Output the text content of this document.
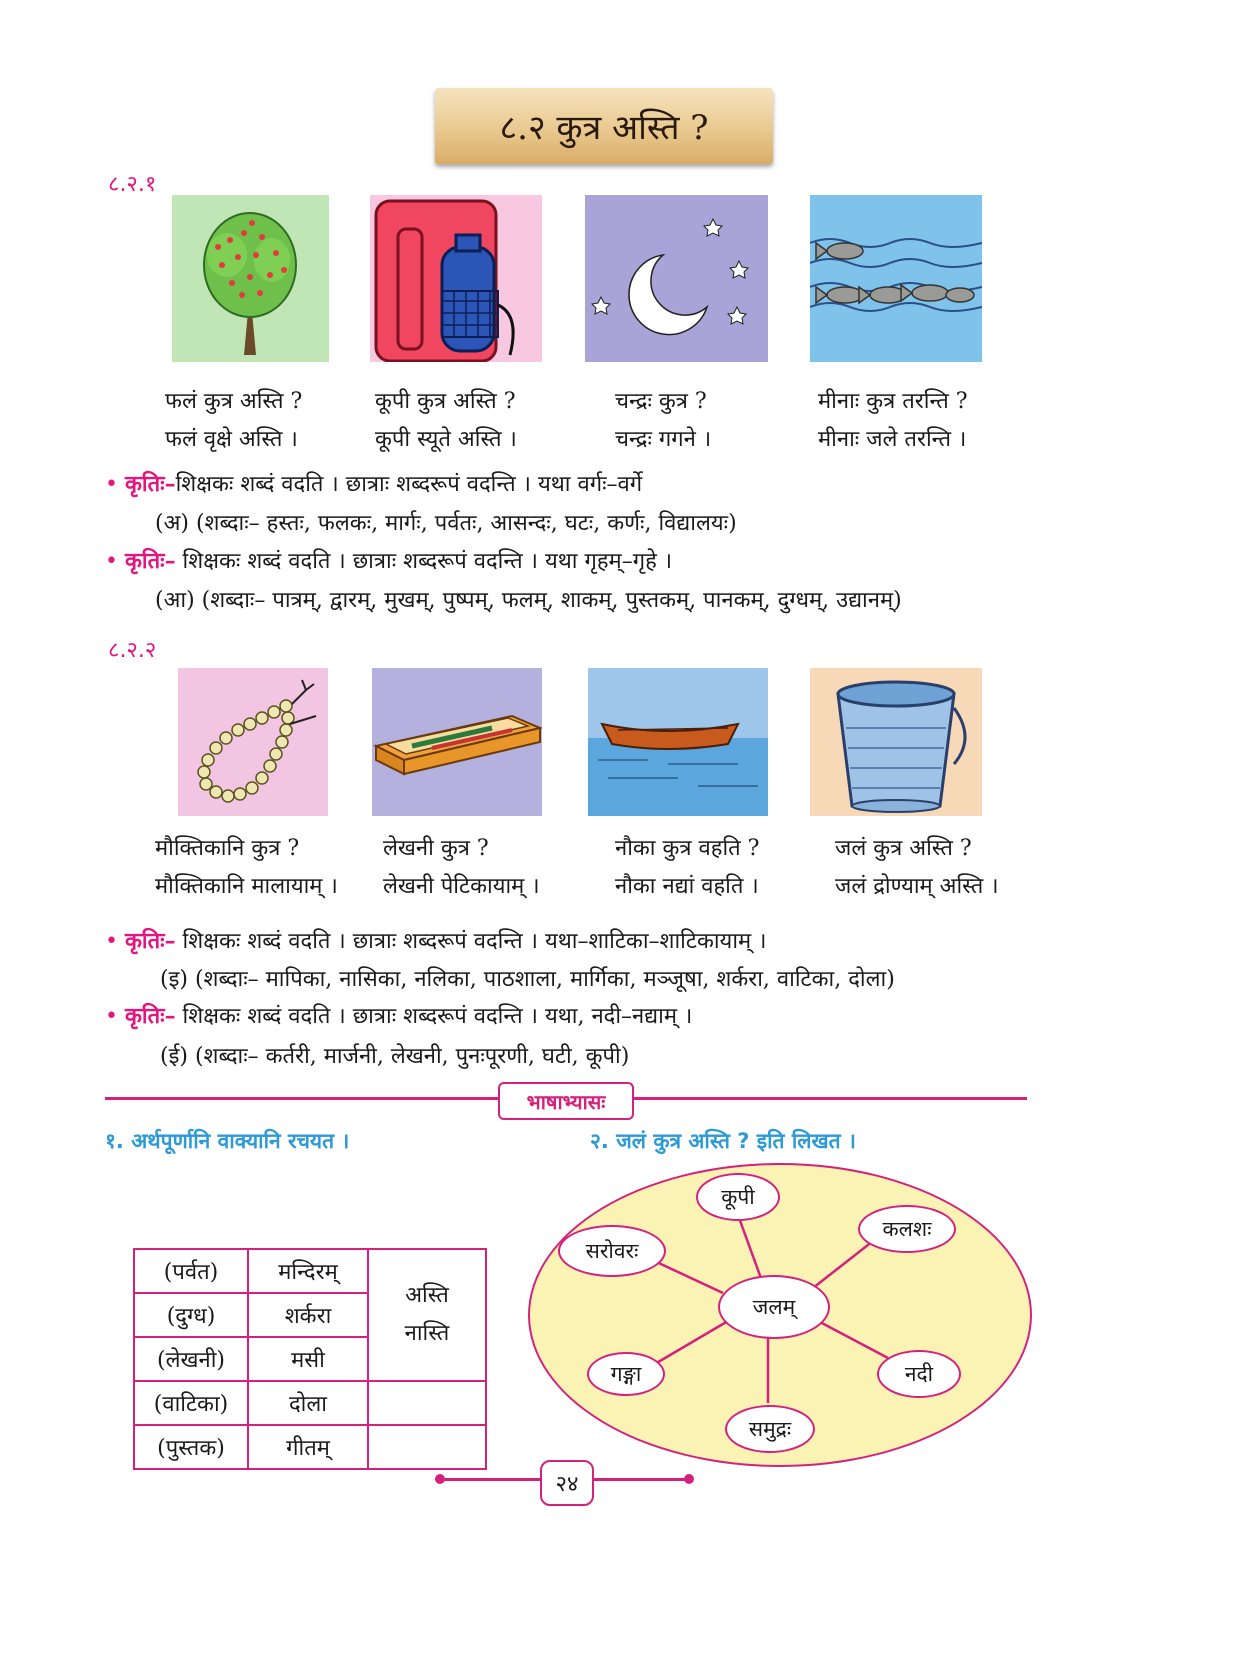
८.२ कुत्र अस्ति ?
८.२.१
फलं कुत्र अस्ति ?
फलं वृक्षे अस्ति ।
कूपी कुत्र अस्ति ?
कूपी स्यूते अस्ति ।
चन्द्रः कुत्र ?
चन्द्रः गगने ।
मीनाः कुत्र तरन्ति ?
मीनाः जले तरन्ति ।
• कृतिः–शिक्षकः शब्दं वदति । छात्राः शब्दरूपं वदन्ति । यथा वर्गः–वर्गे
(अ) (शब्दाः– हस्तः, फलकः, मार्गः, पर्वतः, आसन्दः, घटः, कर्णः, विद्यालयः)
• कृतिः– शिक्षकः शब्दं वदति । छात्राः शब्दरूपं वदन्ति । यथा गृहम्–गृहे ।
(आ) (शब्दाः– पात्रम्, द्वारम्, मुखम्, पुष्पम्, फलम्, शाकम्, पुस्तकम्, पानकम्, दुग्धम्, उद्यानम्)
८.२.२
मौक्तिकानि कुत्र ?
मौक्तिकानि मालायाम् ।
लेखनी कुत्र ?
लेखनी पेटिकायाम् ।
नौका कुत्र वहति ?
नौका नद्यां वहति ।
जलं कुत्र अस्ति ?
जलं द्रोण्याम् अस्ति ।
• कृतिः– शिक्षकः शब्दं वदति । छात्राः शब्दरूपं वदन्ति । यथा–शाटिका–शाटिकायाम् ।
(इ) (शब्दाः– मापिका, नासिका, नलिका, पाठशाला, मार्गिका, मञ्जूषा, शर्करा, वाटिका, दोला)
• कृतिः– शिक्षकः शब्दं वदति । छात्राः शब्दरूपं वदन्ति । यथा, नदी–नद्याम् ।
(ई) (शब्दाः– कर्तरी, मार्जनी, लेखनी, पुनःपूरणी, घटी, कूपी)
भाषाभ्यासः
१. अर्थपूर्णानि वाक्यानि रचयत ।
(पर्वत)	मन्दिरम्	अस्ति
नास्ति

(दुग्ध)	शर्करा	
(लेखनी)	मसी	
(वाटिका)	दोला	
(पुस्तक)	गीतम्	
२. जलं कुत्र अस्ति ? इति लिखत ।
जलम्
कूपी
कलशः
नदी
समुद्रः
गङ्गा
सरोवरः
२४
